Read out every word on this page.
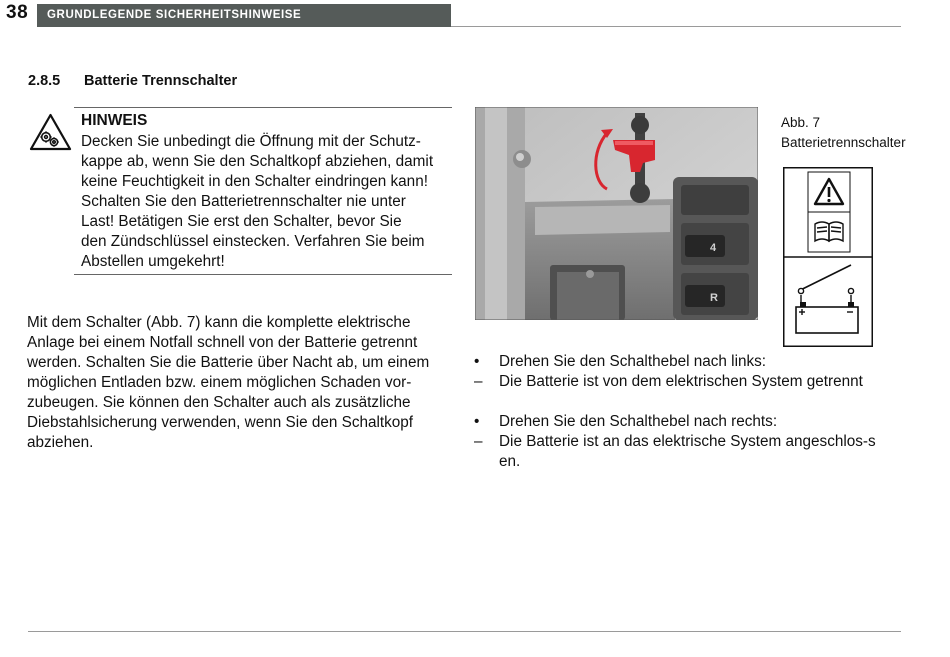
38	GRUNDLEGENDE SICHERHEITSHINWEISE
2.8.5 Batterie Trennschalter
HINWEIS
Decken Sie unbedingt die Öffnung mit der Schutz-
kappe ab, wenn Sie den Schaltkopf abziehen, damit
keine Feuchtigkeit in den Schalter eindringen kann!
Schalten Sie den Batterietrennschalter nie unter
Last! Betätigen Sie erst den Schalter, bevor Sie
den Zündschlüssel einstecken. Verfahren Sie beim
Abstellen umgekehrt!
Mit dem Schalter (Abb. 7) kann die komplette elektrische
Anlage bei einem Notfall schnell von der Batterie getrennt
werden. Schalten Sie die Batterie über Nacht ab, um einem
möglichen Entladen bzw. einem möglichen Schaden vor-
zubeugen. Sie können den Schalter auch als zusätzliche
Diebstahlsicherung verwenden, wenn Sie den Schaltkopf
abziehen.
4
R
Abb. 7
Batterietrennschalter
•	Drehen Sie den Schalthebel nach links:
–	Die Batterie ist von dem elektrischen System getrennt
•	Drehen Sie den Schalthebel nach rechts:
–	Die Batterie ist an das elektrische System angeschlos-sen.
